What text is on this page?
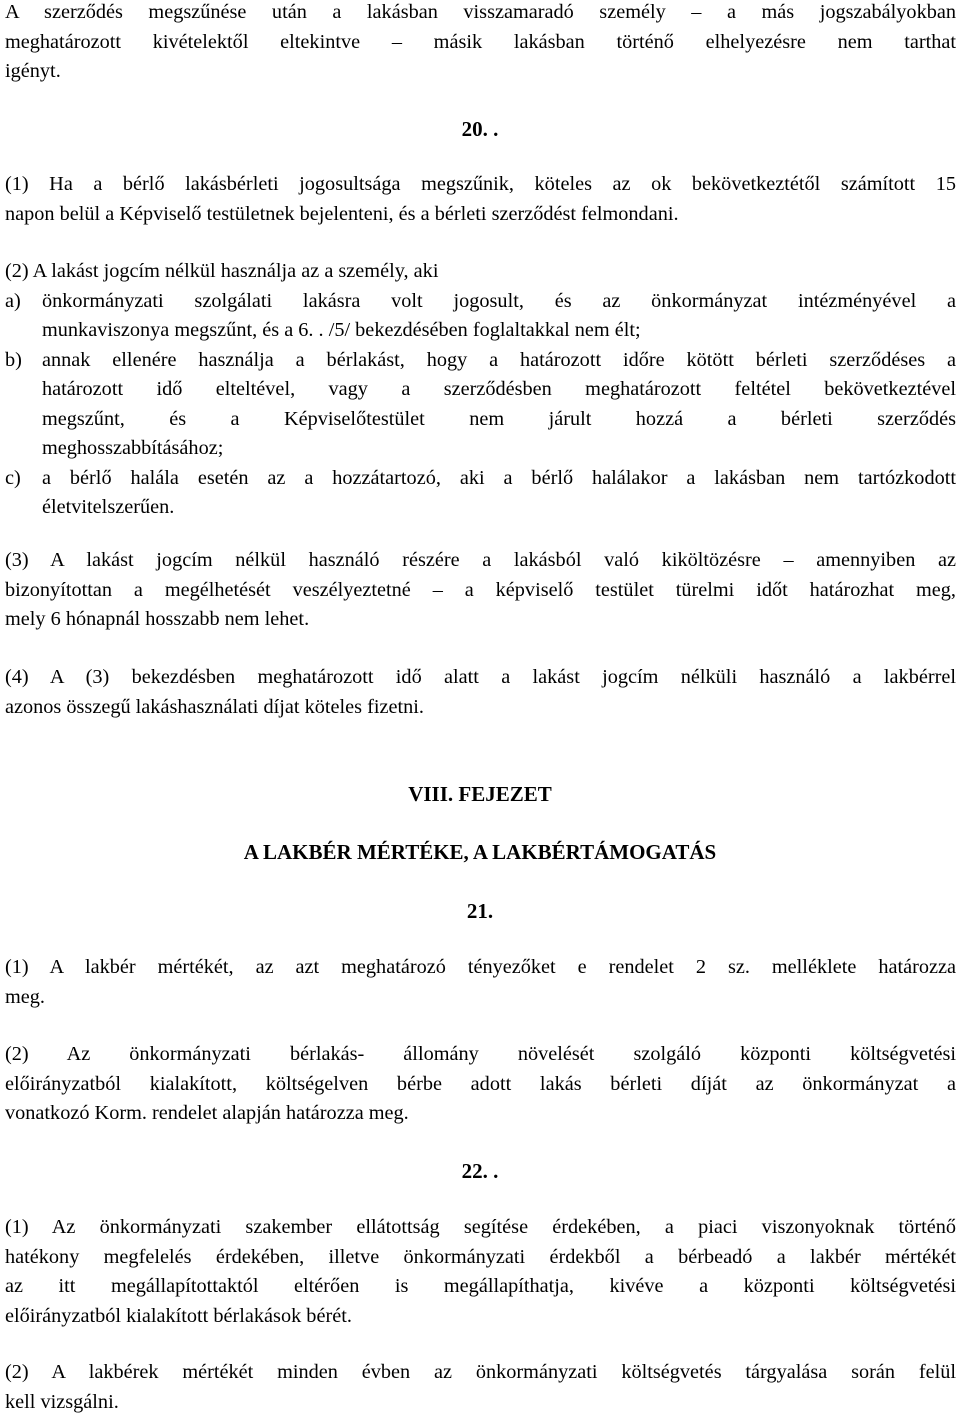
A szerződés megszűnése után a lakásban visszamaradó személy – a más jogszabályokban
meghatározott kivételektől eltekintve – másik lakásban történő elhelyezésre nem tarthat
igényt.
20. .
(1) Ha a bérlő lakásbérleti jogosultsága megszűnik, köteles az ok bekövetkeztétől számított 15
napon belül a Képviselő testületnek bejelenteni, és a bérleti szerződést felmondani.
(2) A lakást jogcím nélkül használja az a személy, aki
a) önkormányzati szolgálati lakásra volt jogosult, és az önkormányzat intézményével a
munkaviszonya megszűnt, és a 6. . /5/ bekezdésében foglaltakkal nem élt;
b) annak ellenére használja a bérlakást, hogy a határozott időre kötött bérleti szerződéses a
határozott idő elteltével, vagy a szerződésben meghatározott feltétel bekövetkeztével
megszűnt, és a Képviselőtestület nem járult hozzá a bérleti szerződés
meghosszabbításához;
c) a bérlő halála esetén az a hozzátartozó, aki a bérlő halálakor a lakásban nem tartózkodott
életvitelszerűen.
(3) A lakást jogcím nélkül használó részére a lakásból való kiköltözésre – amennyiben az
bizonyítottan a megélhetését veszélyeztetné – a képviselő testület türelmi időt határozhat meg,
mely 6 hónapnál hosszabb nem lehet.
(4) A (3) bekezdésben meghatározott idő alatt a lakást jogcím nélküli használó a lakbérrel
azonos összegű lakáshasználati díjat köteles fizetni.
VIII. FEJEZET
A LAKBÉR MÉRTÉKE, A LAKBÉRTÁMOGATÁS
21.
(1) A lakbér mértékét, az azt meghatározó tényezőket e rendelet 2 sz. melléklete határozza
meg.
(2) Az önkormányzati bérlakás- állomány növelését szolgáló központi költségvetési
előirányzatból kialakított, költségelven bérbe adott lakás bérleti díját az önkormányzat a
vonatkozó Korm. rendelet alapján határozza meg.
22. .
(1) Az önkormányzati szakember ellátottság segítése érdekében, a piaci viszonyoknak történő
hatékony megfelelés érdekében, illetve önkormányzati érdekből a bérbeadó a lakbér mértékét
az itt megállapítottaktól eltérően is megállapíthatja, kivéve a központi költségvetési
előirányzatból kialakított bérlakások bérét.
(2) A lakbérek mértékét minden évben az önkormányzati költségvetés tárgyalása során felül
kell vizsgálni.
